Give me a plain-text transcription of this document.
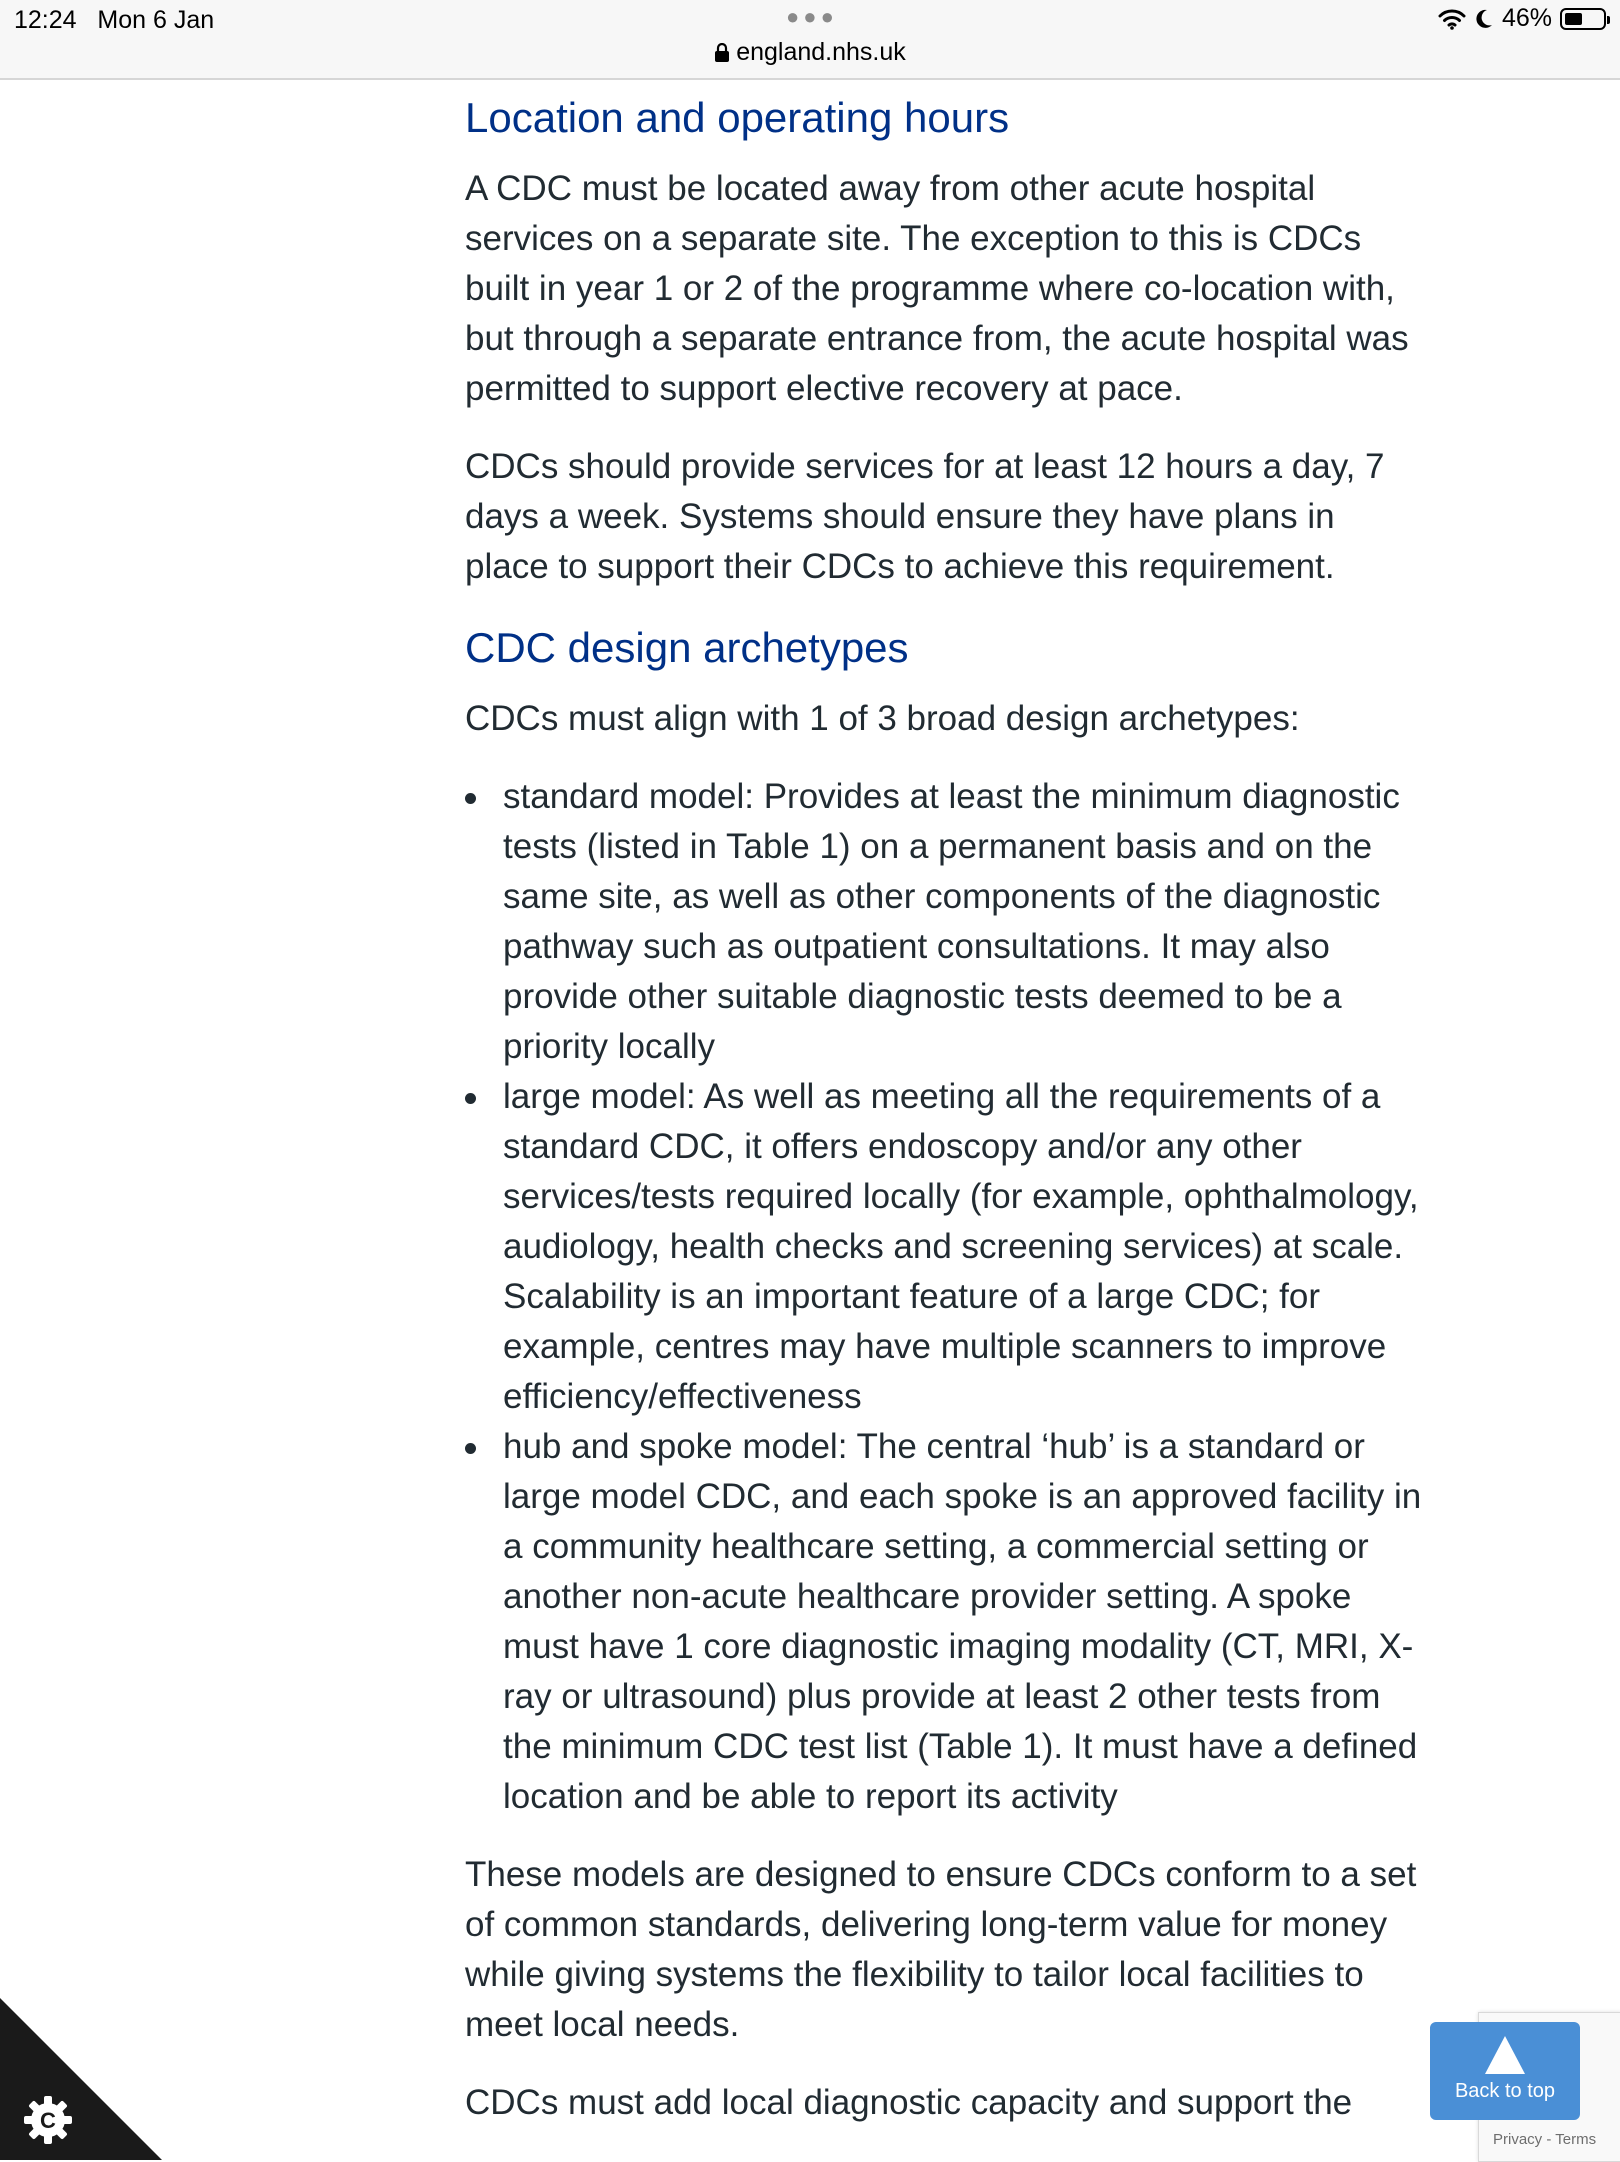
12:24 Mon 6 Jan	●●●
england.nhs.uk
46%
Location and operating hours

A CDC must be located away from other acute hospital services on a separate site. The exception to this is CDCs built in year 1 or 2 of the programme where co-location with, but through a separate entrance from, the acute hospital was permitted to support elective recovery at pace.

CDCs should provide services for at least 12 hours a day, 7 days a week. Systems should ensure they have plans in place to support their CDCs to achieve this requirement.

CDC design archetypes

CDCs must align with 1 of 3 broad design archetypes:

standard model: Provides at least the minimum diagnostic tests (listed in Table 1) on a permanent basis and on the same site, as well as other components of the diagnostic pathway such as outpatient consultations. It may also provide other suitable diagnostic tests deemed to be a priority locally
large model: As well as meeting all the requirements of a standard CDC, it offers endoscopy and/or any other services/tests required locally (for example, ophthalmology, audiology, health checks and screening services) at scale. Scalability is an important feature of a large CDC; for example, centres may have multiple scanners to improve efficiency/effectiveness
hub and spoke model: The central ‘hub’ is a standard or large model CDC, and each spoke is an approved facility in a community healthcare setting, a commercial setting or another non-acute healthcare provider setting. A spoke must have 1 core diagnostic imaging modality (CT, MRI, X-ray or ultrasound) plus provide at least 2 other tests from the minimum CDC test list (Table 1). It must have a defined location and be able to report its activity

These models are designed to ensure CDCs conform to a set of common standards, delivering long-term value for money while giving systems the flexibility to tailor local facilities to meet local needs.

CDCs must add local diagnostic capacity and support the

C
Privacy - Terms
Back to top
